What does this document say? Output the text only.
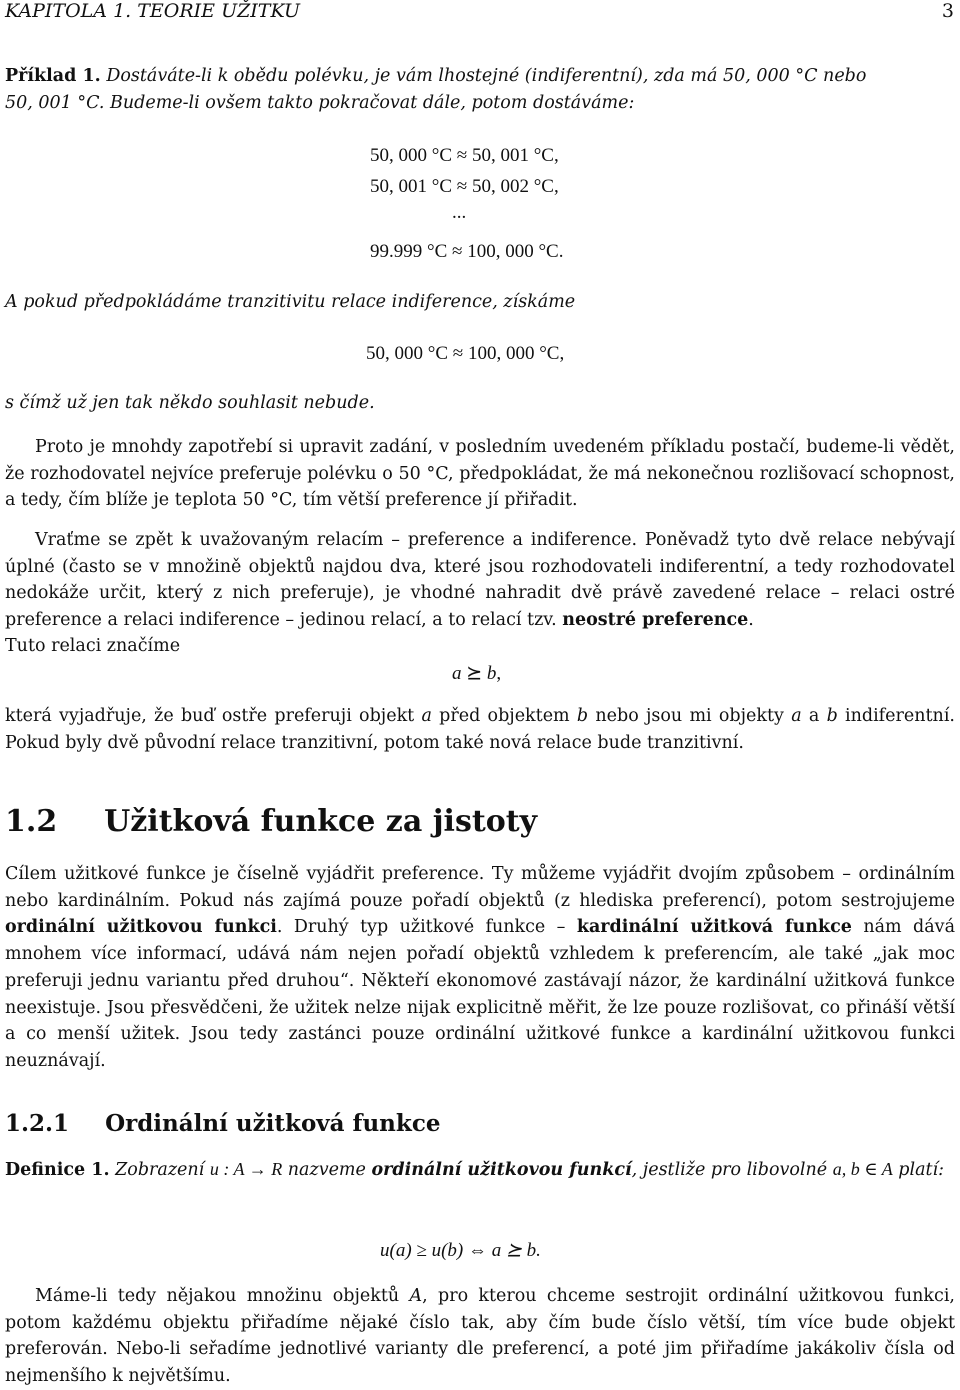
KAPITOLA 1. TEORIE UŽITKU	3
Příklad 1. Dostáváte-li k obědu polévku, je vám lhostejné (indiferentní), zda má 50, 000 °C nebo
50, 001 °C. Budeme-li ovšem takto pokračovat dále, potom dostáváme:
50, 000 °C ≈ 50, 001 °C,
50, 001 °C ≈ 50, 002 °C,
...
99.999 °C ≈ 100, 000 °C.
A pokud předpokládáme tranzitivitu relace indiference, získáme
50, 000 °C ≈ 100, 000 °C,
s čímž už jen tak někdo souhlasit nebude.

Proto je mnohdy zapotřebí si upravit zadání, v posledním uvedeném příkladu postačí, budeme-li vědět, že rozhodovatel nejvíce preferuje polévku o 50 °C, předpokládat, že má nekonečnou rozlišovací schopnost, a tedy, čím blíže je teplota 50 °C, tím větší preference jí přiřadit.

Vraťme se zpět k uvažovaným relacím – preference a indiference. Poněvadž tyto dvě relace nebývají úplné (často se v množině objektů najdou dva, které jsou rozhodovateli indiferentní, a tedy rozhodovatel nedokáže určit, který z nich preferuje), je vhodné nahradit dvě právě zavedené relace – relaci ostré preference a relaci indiference – jedinou relací, a to relací tzv. neostré preference.

Tuto relaci značíme
a ⪰ b,

která vyjadřuje, že buď ostře preferuji objekt a před objektem b nebo jsou mi objekty a a b indiferentní. Pokud byly dvě původní relace tranzitivní, potom také nová relace bude tranzitivní.

1.2 Užitková funkce za jistoty

Cílem užitkové funkce je číselně vyjádřit preference. Ty můžeme vyjádřit dvojím způsobem – ordinálním nebo kardinálním. Pokud nás zajímá pouze pořadí objektů (z hlediska preferencí), potom sestrojujeme ordinální užitkovou funkci. Druhý typ užitkové funkce – kardinální užitková funkce nám dává mnohem více informací, udává nám nejen pořadí objektů vzhledem k preferencím, ale také „jak moc preferuji jednu variantu před druhou“. Někteří ekonomové zastávají názor, že kardinální užitková funkce neexistuje. Jsou přesvědčeni, že užitek nelze nijak explicitně měřit, že lze pouze rozlišovat, co přináší větší a co menší užitek. Jsou tedy zastánci pouze ordinální užitkové funkce a kardinální užitkovou funkci neuznávají.

1.2.1 Ordinální užitková funkce

Definice 1. Zobrazení u : A → R nazveme ordinální užitkovou funkcí, jestliže pro libovolné a, b ∈ A platí:

u(a) ≥ u(b) ⇔ a ⪰ b.

Máme-li tedy nějakou množinu objektů A, pro kterou chceme sestrojit ordinální užitkovou funkci, potom každému objektu přiřadíme nějaké číslo tak, aby čím bude číslo větší, tím více bude objekt preferován. Nebo-li seřadíme jednotlivé varianty dle preferencí, a poté jim přiřadíme jakákoliv čísla od nejmenšího k největšímu.
